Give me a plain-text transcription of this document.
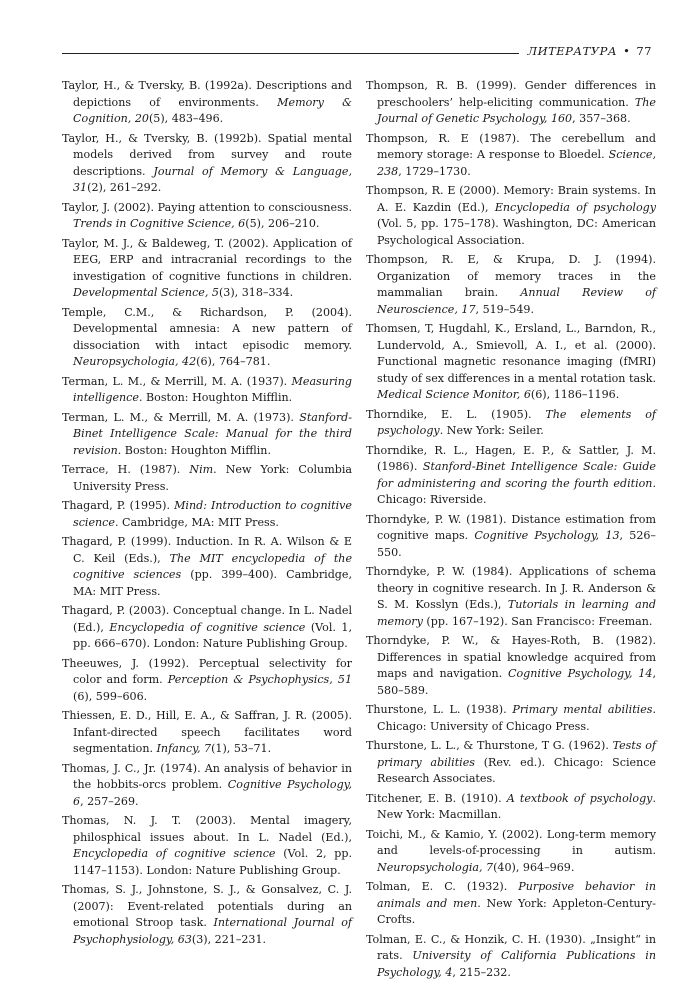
ЛИТЕРАТУРА • 77

Taylor, H., & Tversky, B. (1992a). Descriptions and depictions of environments. Memory & Cognition, 20(5), 483–496.

Taylor, H., & Tversky, B. (1992b). Spatial mental models derived from survey and route descriptions. Journal of Memory & Language, 31(2), 261–292.

Taylor, J. (2002). Paying attention to consciousness. Trends in Cognitive Science, 6(5), 206–210.

Taylor, M. J., & Baldeweg, T. (2002). Application of EEG, ERP and intracranial recordings to the investigation of cognitive functions in children. Developmental Science, 5(3), 318–334.

Temple, C.M., & Richardson, P. (2004). Developmental amnesia: A new pattern of dissociation with intact episodic memory. Neuropsychologia, 42(6), 764–781.

Terman, L. M., & Merrill, M. A. (1937). Measuring intelligence. Boston: Houghton Mifflin.

Terman, L. M., & Merrill, M. A. (1973). Stanford-Binet Intelligence Scale: Manual for the third revision. Boston: Houghton Mifflin.

Terrace, H. (1987). Nim. New York: Columbia University Press.

Thagard, P. (1995). Mind: Introduction to cognitive science. Cambridge, MA: MIT Press.

Thagard, P. (1999). Induction. In R. A. Wilson & E C. Keil (Eds.), The MIT encyclopedia of the cognitive sciences (pp. 399–400). Cambridge, MA: MIT Press.

Thagard, P. (2003). Conceptual change. In L. Nadel (Ed.), Encyclopedia of cognitive science (Vol. 1, pp. 666–670). London: Nature Publishing Group.

Theeuwes, J. (1992). Perceptual selectivity for color and form. Perception & Psychophysics, 51 (6), 599–606.

Thiessen, E. D., Hill, E. A., & Saffran, J. R. (2005). Infant-directed speech facilitates word segmentation. Infancy, 7(1), 53–71.

Thomas, J. C., Jr. (1974). An analysis of behavior in the hobbits-orcs problem. Cognitive Psychology, 6, 257–269.

Thomas, N. J. T. (2003). Mental imagery, philosphical issues about. In L. Nadel (Ed.), Encyclopedia of cognitive science (Vol. 2, pp. 1147–1153). London: Nature Publishing Group.

Thomas, S. J., Johnstone, S. J., & Gonsalvez, C. J. (2007): Event-related potentials during an emotional Stroop task. International Journal of Psychophysiology, 63(3), 221–231.

Thompson, R. B. (1999). Gender differences in preschoolers’ help-eliciting communication. The Journal of Genetic Psychology, 160, 357–368.

Thompson, R. E (1987). The cerebellum and memory storage: A response to Bloedel. Science, 238, 1729–1730.

Thompson, R. E (2000). Memory: Brain systems. In A. E. Kazdin (Ed.), Encyclopedia of psychology (Vol. 5, pp. 175–178). Washington, DC: American Psychological Association.

Thompson, R. E, & Krupa, D. J. (1994). Organization of memory traces in the mammalian brain. Annual Review of Neuroscience, 17, 519–549.

Thomsen, T, Hugdahl, K., Ersland, L., Barndon, R., Lundervold, A., Smievoll, A. I., et al. (2000). Functional magnetic resonance imaging (fMRI) study of sex differences in a mental rotation task. Medical Science Monitor, 6(6), 1186–1196.

Thorndike, E. L. (1905). The elements of psychology. New York: Seiler.

Thorndike, R. L., Hagen, E. P., & Sattler, J. M. (1986). Stanford-Binet Intelligence Scale: Guide for administering and scoring the fourth edition. Chicago: Riverside.

Thorndyke, P. W. (1981). Distance estimation from cognitive maps. Cognitive Psychology, 13, 526–550.

Thorndyke, P. W. (1984). Applications of schema theory in cognitive research. In J. R. Anderson & S. M. Kosslyn (Eds.), Tutorials in learning and memory (pp. 167–192). San Francisco: Freeman.

Thorndyke, P. W., & Hayes-Roth, B. (1982). Differences in spatial knowledge acquired from maps and navigation. Cognitive Psychology, 14, 580–589.

Thurstone, L. L. (1938). Primary mental abilities. Chicago: University of Chicago Press.

Thurstone, L. L., & Thurstone, T G. (1962). Tests of primary abilities (Rev. ed.). Chicago: Science Research Associates.

Titchener, E. B. (1910). A textbook of psychology. New York: Macmillan.

Toichi, M., & Kamio, Y. (2002). Long-term memory and levels-of-processing in autism. Neuropsychologia, 7(40), 964–969.

Tolman, E. C. (1932). Purposive behavior in animals and men. New York: Appleton-Century-Crofts.

Tolman, E. C., & Honzik, C. H. (1930). „Insight“ in rats. University of California Publications in Psychology, 4, 215–232.
